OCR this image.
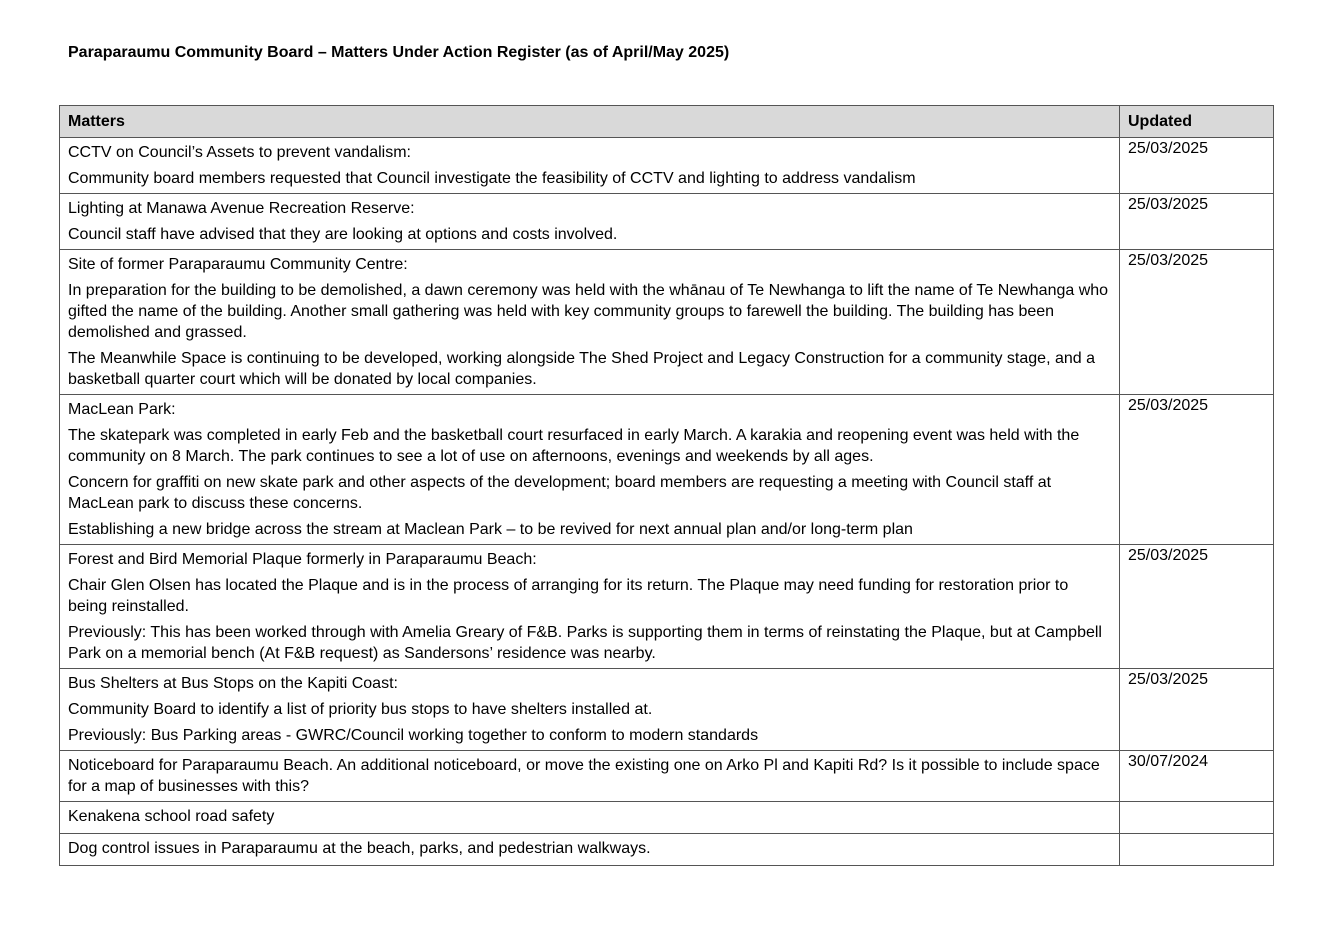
Paraparaumu Community Board – Matters Under Action Register (as of April/May 2025)
Matters	Updated

CCTV on Council’s Assets to prevent vandalism:

Community board members requested that Council investigate the feasibility of CCTV and lighting to address vandalism	25/03/2025

Lighting at Manawa Avenue Recreation Reserve:

Council staff have advised that they are looking at options and costs involved.	25/03/2025

Site of former Paraparaumu Community Centre:

In preparation for the building to be demolished, a dawn ceremony was held with the whānau of Te Newhanga to lift the name of Te Newhanga who gifted the name of the building. Another small gathering was held with key community groups to farewell the building. The building has been demolished and grassed.

The Meanwhile Space is continuing to be developed, working alongside The Shed Project and Legacy Construction for a community stage, and a basketball quarter court which will be donated by local companies.	25/03/2025

MacLean Park:

The skatepark was completed in early Feb and the basketball court resurfaced in early March. A karakia and reopening event was held with the community on 8 March. The park continues to see a lot of use on afternoons, evenings and weekends by all ages.

Concern for graffiti on new skate park and other aspects of the development; board members are requesting a meeting with Council staff at MacLean park to discuss these concerns.

Establishing a new bridge across the stream at Maclean Park – to be revived for next annual plan and/or long-term plan	25/03/2025

Forest and Bird Memorial Plaque formerly in Paraparaumu Beach:

Chair Glen Olsen has located the Plaque and is in the process of arranging for its return. The Plaque may need funding for restoration prior to being reinstalled.

Previously: This has been worked through with Amelia Greary of F&B. Parks is supporting them in terms of reinstating the Plaque, but at Campbell Park on a memorial bench (At F&B request) as Sandersons’ residence was nearby.	25/03/2025

Bus Shelters at Bus Stops on the Kapiti Coast:

Community Board to identify a list of priority bus stops to have shelters installed at.

Previously: Bus Parking areas - GWRC/Council working together to conform to modern standards	25/03/2025

Noticeboard for Paraparaumu Beach. An additional noticeboard, or move the existing one on Arko Pl and Kapiti Rd? Is it possible to include space for a map of businesses with this?	30/07/2024

Kenakena school road safety	

Dog control issues in Paraparaumu at the beach, parks, and pedestrian walkways.	
